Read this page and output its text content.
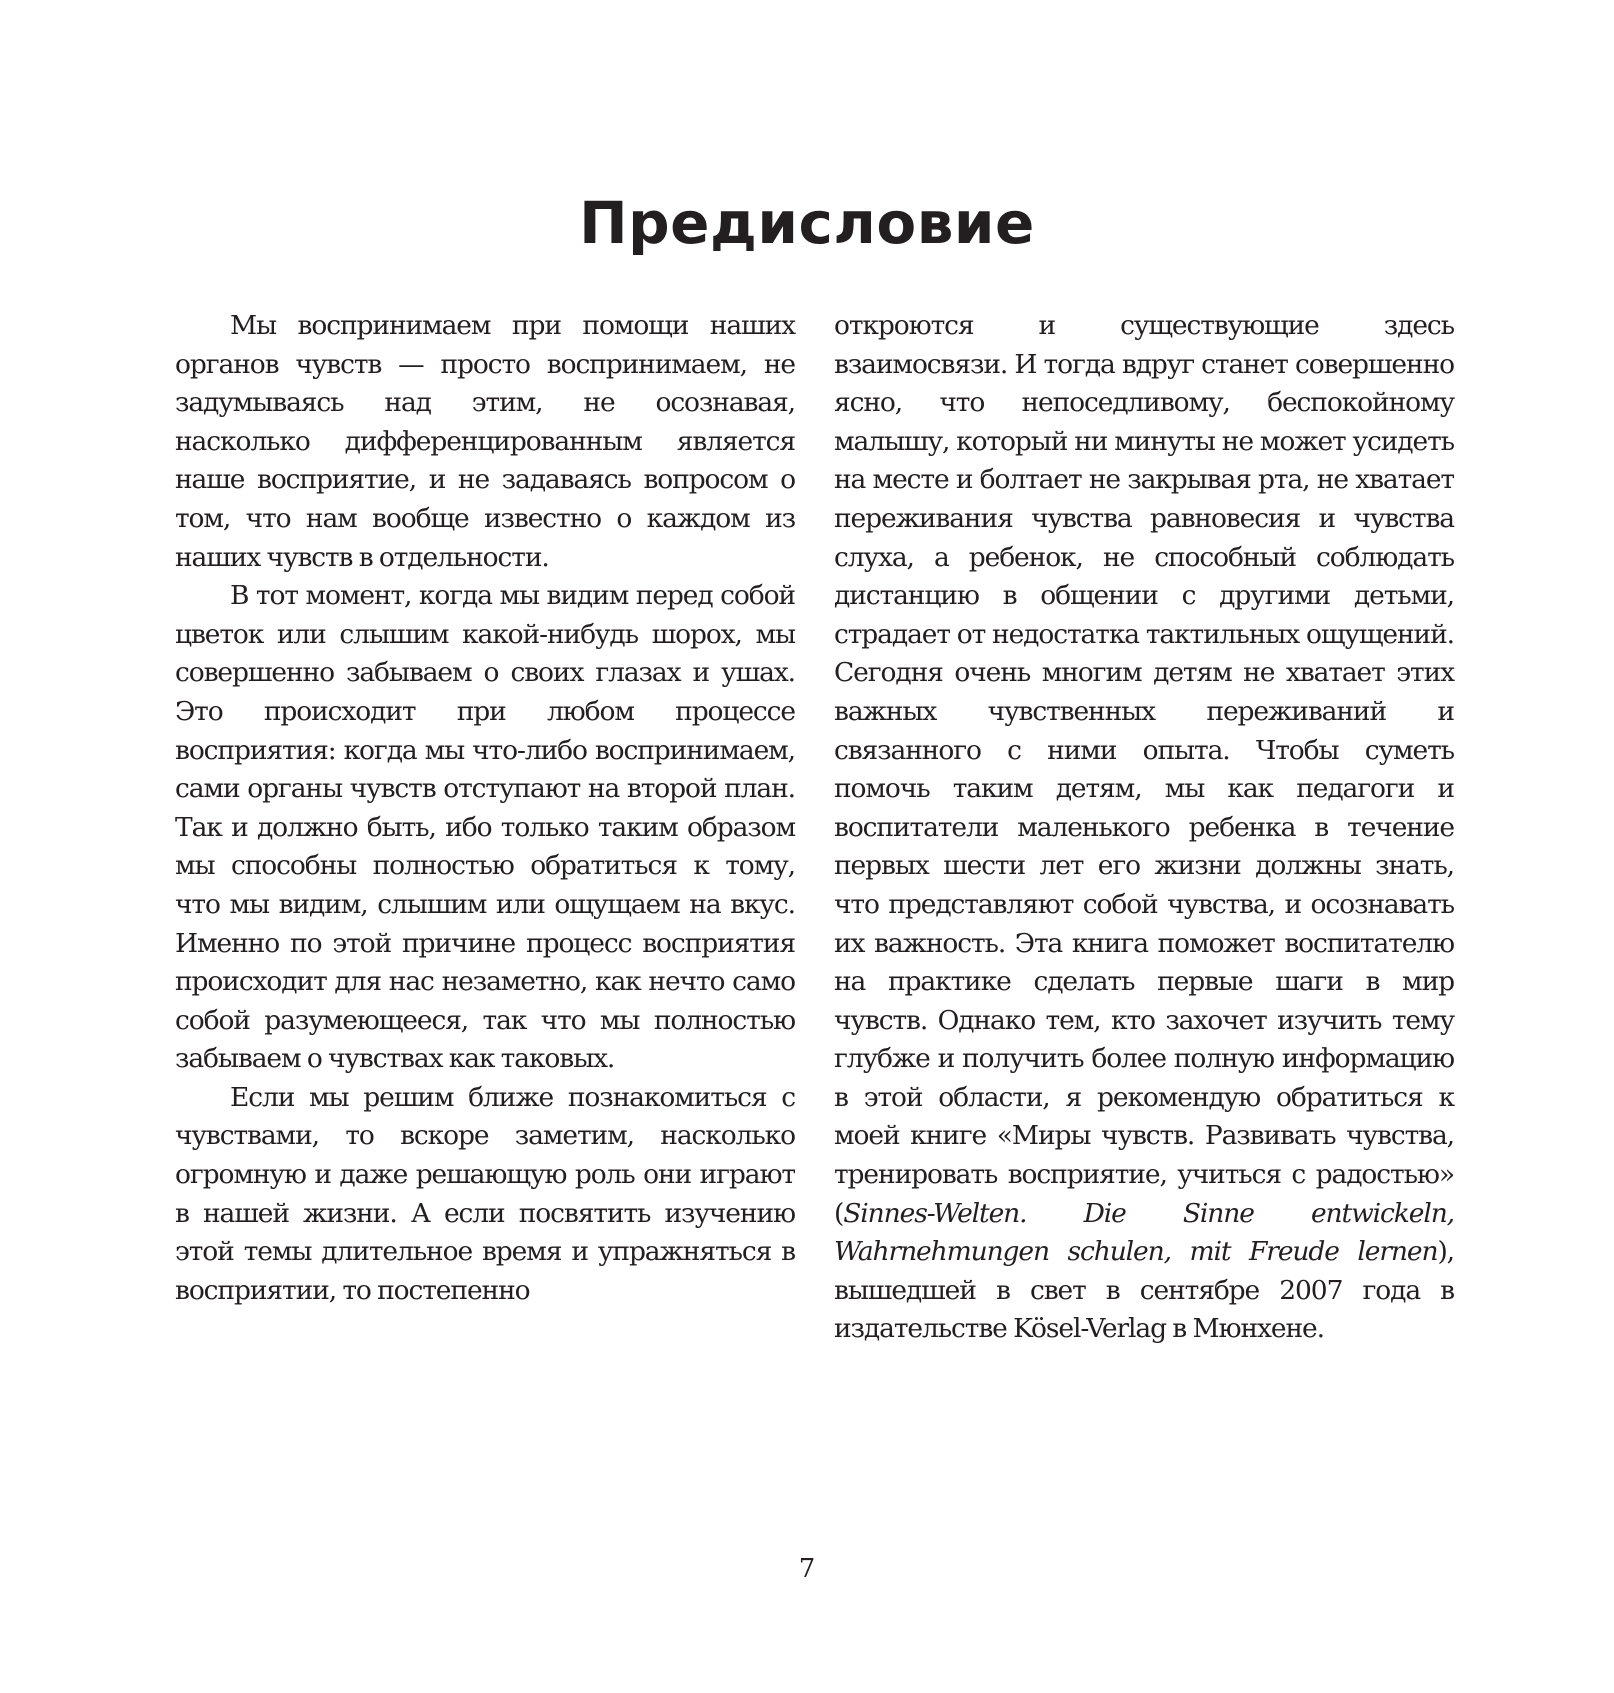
Предисловие

Мы воспринимаем при помощи наших органов чувств — просто воспринимаем, не задумываясь над этим, не осознавая, насколько дифференцированным является наше восприятие, и не задаваясь вопросом о том, что нам вообще известно о каждом из наших чувств в отдельности.

В тот момент, когда мы видим перед собой цветок или слышим какой-нибудь шорох, мы совершенно забываем о своих глазах и ушах. Это происходит при любом процессе восприятия: когда мы что-либо воспринимаем, сами органы чувств отступают на второй план. Так и должно быть, ибо только таким образом мы способны полностью обратиться к тому, что мы видим, слышим или ощущаем на вкус. Именно по этой причине процесс восприятия происходит для нас незаметно, как нечто само собой разумеющееся, так что мы полностью забываем о чувствах как таковых.

Если мы решим ближе познакомиться с чувствами, то вскоре заметим, насколько огромную и даже решающую роль они играют в нашей жизни. А если посвятить изучению этой темы длительное время и упражняться в восприятии, то постепенно

откроются и существующие здесь взаимосвязи. И тогда вдруг станет совершенно ясно, что непоседливому, беспокойному малышу, который ни минуты не может усидеть на месте и болтает не закрывая рта, не хватает переживания чувства равновесия и чувства слуха, а ребенок, не способный соблюдать дистанцию в общении с другими детьми, страдает от недостатка тактильных ощущений. Сегодня очень многим детям не хватает этих важных чувственных переживаний и связанного с ними опыта. Чтобы суметь помочь таким детям, мы как педагоги и воспитатели маленького ребенка в течение первых шести лет его жизни должны знать, что представляют собой чувства, и осознавать их важность. Эта книга поможет воспитателю на практике сделать первые шаги в мир чувств. Однако тем, кто захочет изучить тему глубже и получить более полную информацию в этой области, я рекомендую обратиться к моей книге «Миры чувств. Развивать чувства, тренировать восприятие, учиться с радостью» (Sinnes-Welten. Die Sinne entwickeln, Wahrnehmungen schulen, mit Freude lernen), вышедшей в свет в сентябре 2007 года в издательстве Kösel-Verlag в Мюнхене.

7
